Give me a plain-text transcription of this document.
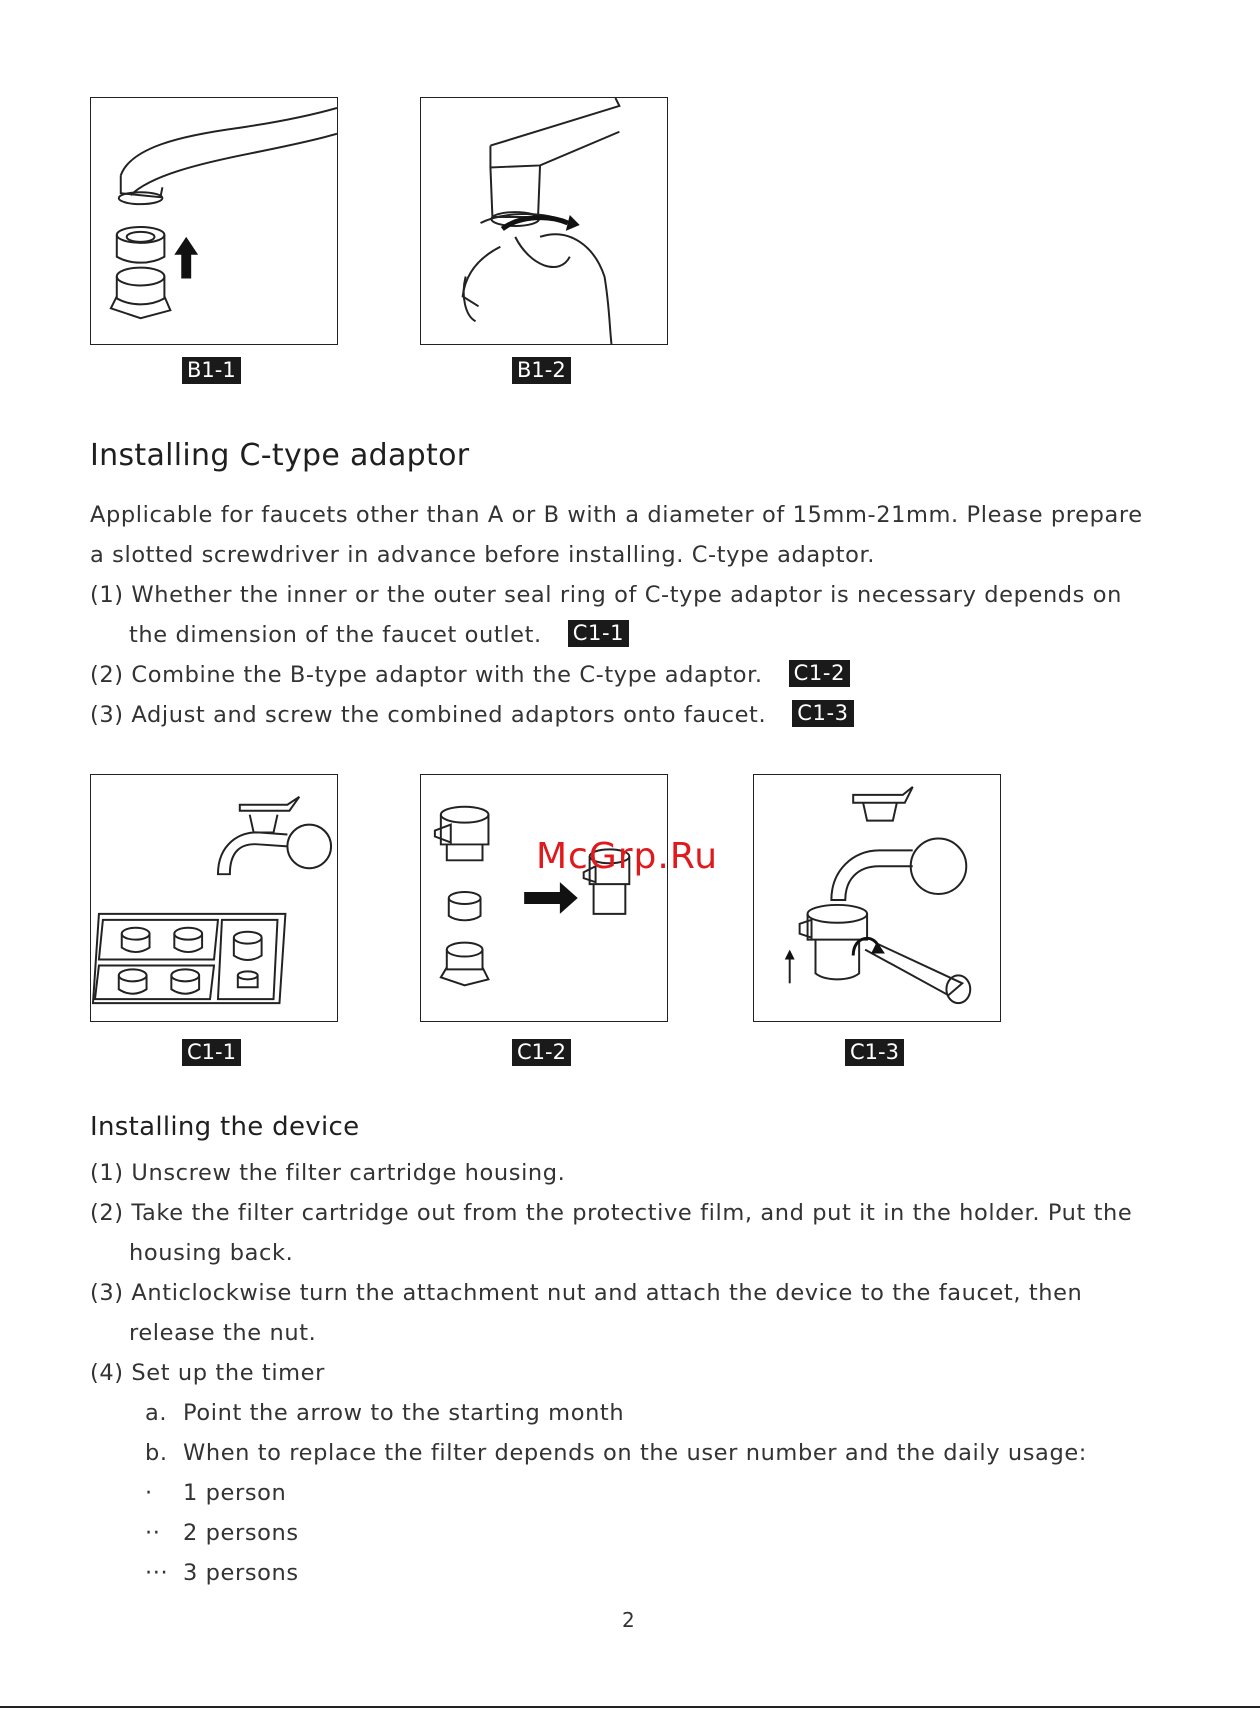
B1-1	B1-2
Installing C-type adaptor
Applicable for faucets other than A or B with a diameter of 15mm-21mm. Please prepare
a slotted screwdriver in advance before installing. C-type adaptor.
(1) Whether the inner or the outer seal ring of C-type adaptor is necessary depends on
the dimension of the faucet outlet. C1-1
(2) Combine the B-type adaptor with the C-type adaptor. C1-2
(3) Adjust and screw the combined adaptors onto faucet. C1-3
C1-1	C1-2	C1-3
McGrp.Ru
Installing the device
(1) Unscrew the filter cartridge housing.
(2) Take the filter cartridge out from the protective film, and put it in the holder. Put the
housing back.
(3) Anticlockwise turn the attachment nut and attach the device to the faucet, then
release the nut.
(4) Set up the timer
a. Point the arrow to the starting month
b. When to replace the filter depends on the user number and the daily usage:
· 1 person
·· 2 persons
··· 3 persons
2
